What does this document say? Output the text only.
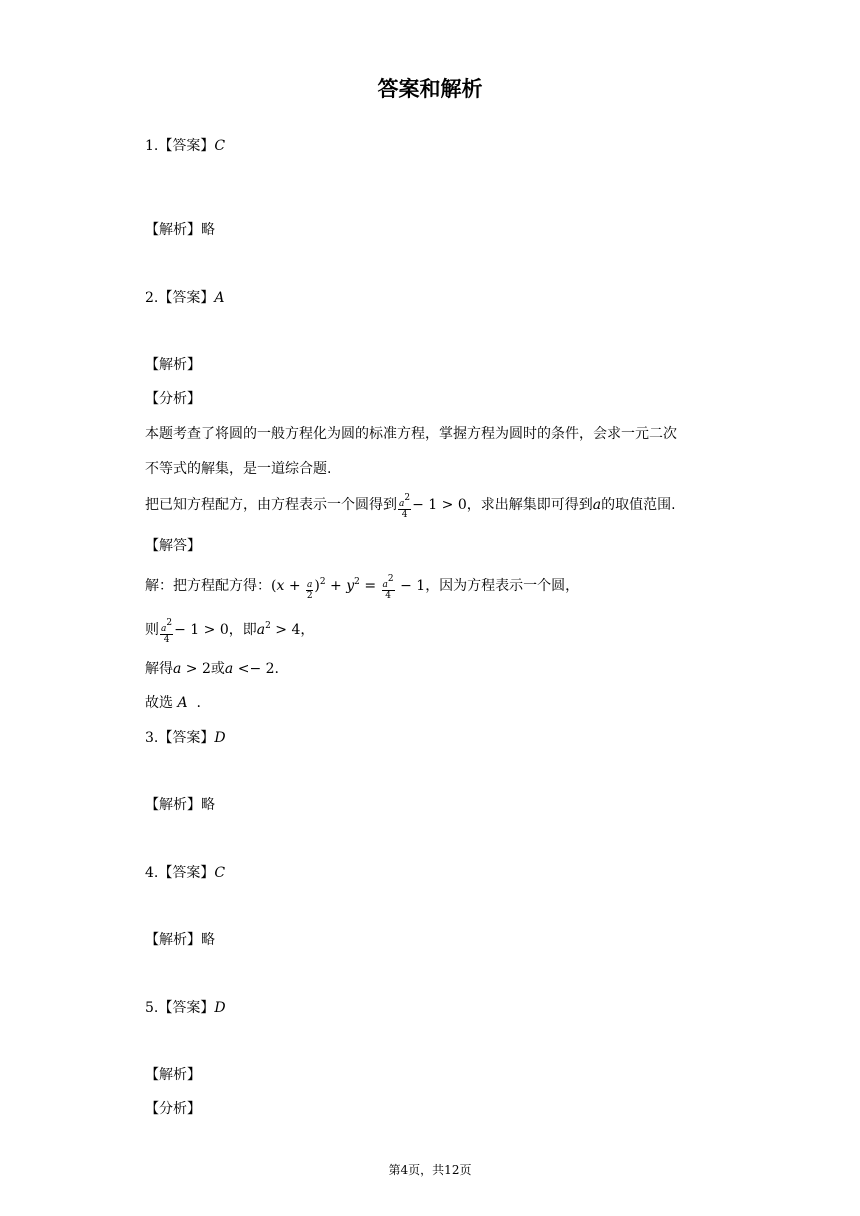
答案和解析
1.【答案】C
【解析】略
2.【答案】A
【解析】
【分析】
本题考查了将圆的一般方程化为圆的标准方程，掌握方程为圆时的条件，会求一元二次
不等式的解集，是一道综合题.
把已知方程配方，由方程表示一个圆得到 $\frac{a^2}{4} - 1 > 0$，求出解集即可得到a的取值范围.
【解答】
解：把方程配方得：$(x + \frac{a}{2} )^2 + y^2 = \frac{a^2}{4} - 1$，因为方程表示一个圆，
则 $\frac{a^2}{4} - 1 > 0$，即$a^2 > 4$，
解得a > 2或a <− 2.
故选 A .
3.【答案】D
【解析】略
4.【答案】C
【解析】略
5.【答案】D
【解析】
【分析】
第4页，共12页
